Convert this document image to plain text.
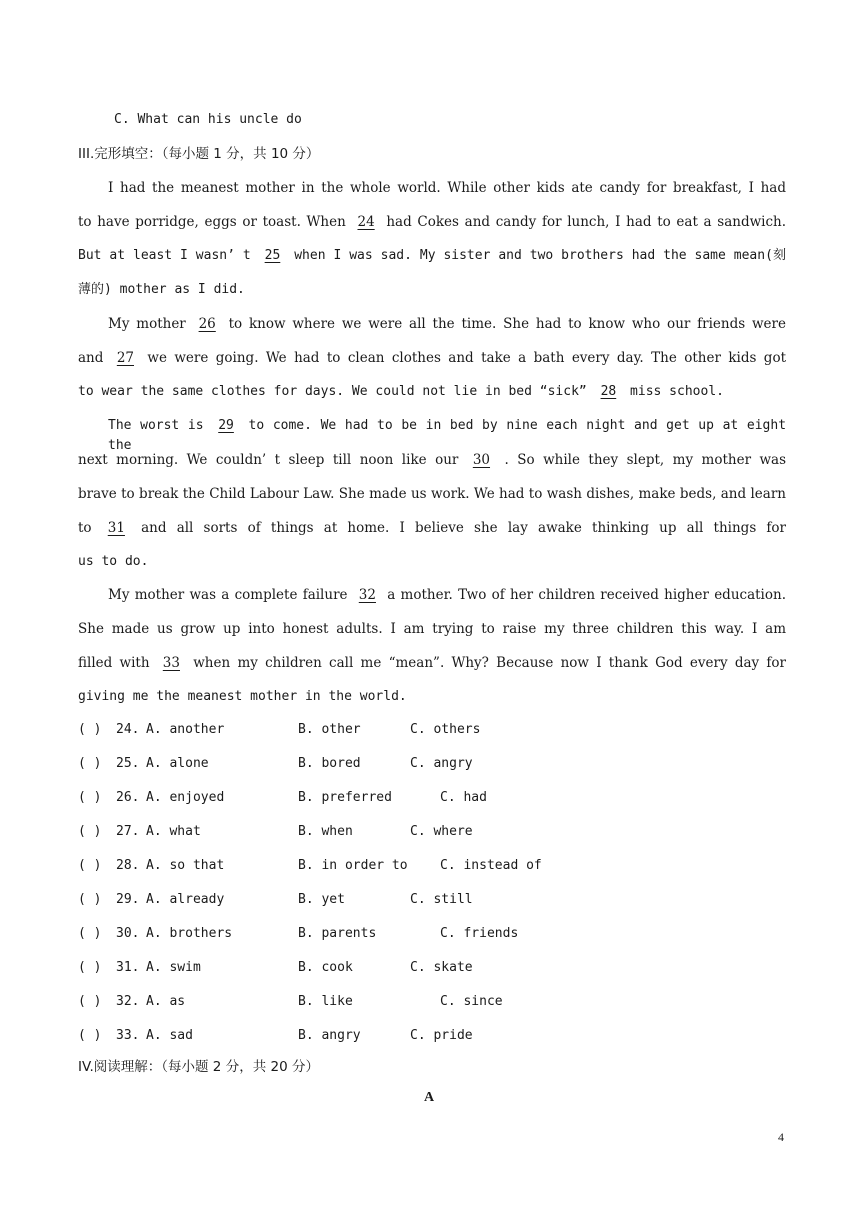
C. What can his uncle do
III.完形填空：（每小题 1 分，共 10 分）
I had the meanest mother in the whole world. While other kids ate candy for breakfast, I had
to have porridge, eggs or toast. When 24 had Cokes and candy for lunch, I had to eat a sandwich.
But at least I wasn’ t 25 when I was sad. My sister and two brothers had the same mean(刻
薄的) mother as I did.
My mother 26 to know where we were all the time. She had to know who our friends were
and 27 we were going. We had to clean clothes and take a bath every day. The other kids got
to wear the same clothes for days. We could not lie in bed “sick” 28 miss school.
The worst is 29 to come. We had to be in bed by nine each night and get up at eight the
next morning. We couldn’ t sleep till noon like our 30 . So while they slept, my mother was
brave to break the Child Labour Law. She made us work. We had to wash dishes, make beds, and learn
to 31 and all sorts of things at home. I believe she lay awake thinking up all things for
us to do.
My mother was a complete failure 32 a mother. Two of her children received higher education.
She made us grow up into honest adults. I am trying to raise my three children this way. I am
filled with 33 when my children call me “mean”. Why? Because now I thank God every day for
giving me the meanest mother in the world.
( ) 24. A. another	B. other	C. others
( ) 25. A. alone	B. bored	C. angry
( ) 26. A. enjoyed	B. preferred	C. had
( ) 27. A. what	B. when	C. where
( ) 28. A. so that	B. in order to C. instead of
( ) 29. A. already	B. yet	C. still
( ) 30. A. brothers	B. parents	C. friends
( ) 31. A. swim	B. cook	C. skate
( ) 32. A. as	B. like	C. since
( ) 33. A. sad	B. angry	C. pride
IV.阅读理解：（每小题 2 分，共 20 分）
A
4
